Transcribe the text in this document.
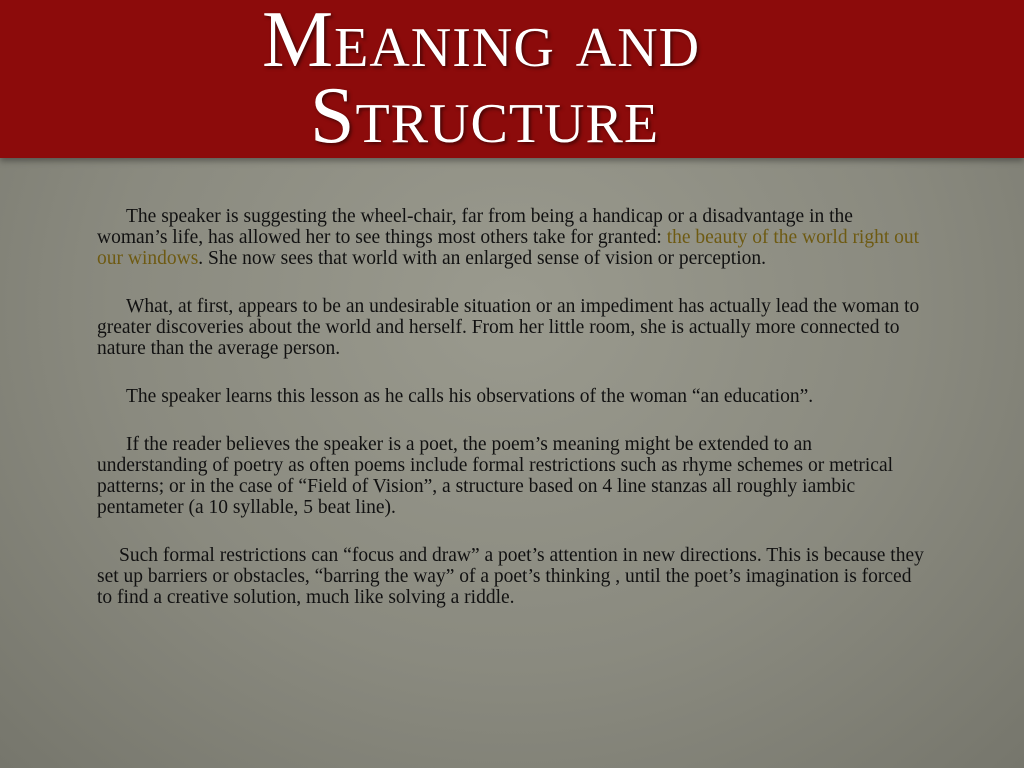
Meaning and
Structure

The speaker is suggesting the wheel-chair, far from being a handicap or a disadvantage in the woman’s life, has allowed her to see things most others take for granted: the beauty of the world right out our windows. She now sees that world with an enlarged sense of vision or perception.

What, at first, appears to be an undesirable situation or an impediment has actually lead the woman to greater discoveries about the world and herself. From her little room, she is actually more connected to nature than the average person.

The speaker learns this lesson as he calls his observations of the woman “an education”.

If the reader believes the speaker is a poet, the poem’s meaning might be extended to an understanding of poetry as often poems include formal restrictions such as rhyme schemes or metrical patterns; or in the case of “Field of Vision”, a structure based on 4 line stanzas all roughly iambic pentameter (a 10 syllable, 5 beat line).

Such formal restrictions can “focus and draw” a poet’s attention in new directions. This is because they set up barriers or obstacles, “barring the way” of a poet’s thinking , until the poet’s imagination is forced to find a creative solution, much like solving a riddle.
